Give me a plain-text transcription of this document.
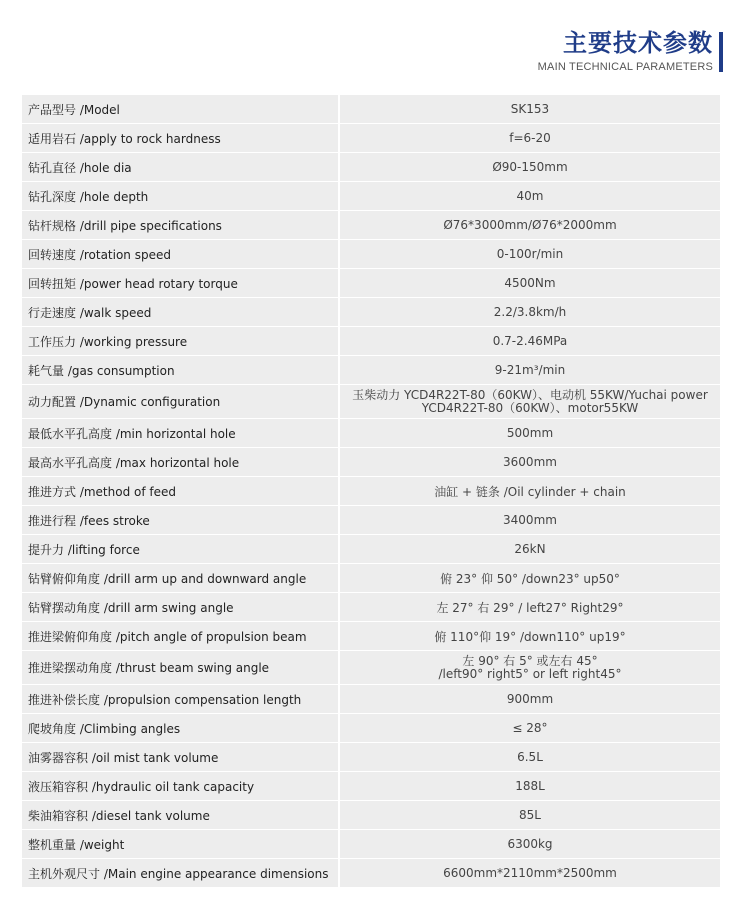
主要技术参数
MAIN TECHNICAL PARAMETERS
产品型号 /Model	SK153
适用岩石 /apply to rock hardness	f=6-20
钻孔直径 /hole dia	Ø90-150mm
钻孔深度 /hole depth	40m
钻杆规格 /drill pipe specifications	Ø76*3000mm/Ø76*2000mm
回转速度 /rotation speed	0-100r/min
回转扭矩 /power head rotary torque	4500Nm
行走速度 /walk speed	2.2/3.8km/h
工作压力 /working pressure	0.7-2.46MPa
耗气量 /gas consumption	9-21m³/min
动力配置 /Dynamic configuration	玉柴动力 YCD4R22T-80（60KW）、电动机 55KW/Yuchai power
YCD4R22T-80（60KW）、motor55KW

最低水平孔高度 /min horizontal hole	500mm
最高水平孔高度 /max horizontal hole	3600mm
推进方式 /method of feed	油缸 + 链条 /Oil cylinder + chain
推进行程 /fees stroke	3400mm
提升力 /lifting force	26kN
钻臂俯仰角度 /drill arm up and downward angle	俯 23° 仰 50° /down23° up50°
钻臂摆动角度 /drill arm swing angle	左 27° 右 29° / left27° Right29°
推进梁俯仰角度 /pitch angle of propulsion beam	俯 110°仰 19° /down110° up19°
推进梁摆动角度 /thrust beam swing angle	左 90° 右 5° 或左右 45°
/left90° right5° or left right45°

推进补偿长度 /propulsion compensation length	900mm
爬坡角度 /Climbing angles	≤ 28°
油雾器容积 /oil mist tank volume	6.5L
液压箱容积 /hydraulic oil tank capacity	188L
柴油箱容积 /diesel tank volume	85L
整机重量 /weight	6300kg
主机外观尺寸 /Main engine appearance dimensions	6600mm*2110mm*2500mm
